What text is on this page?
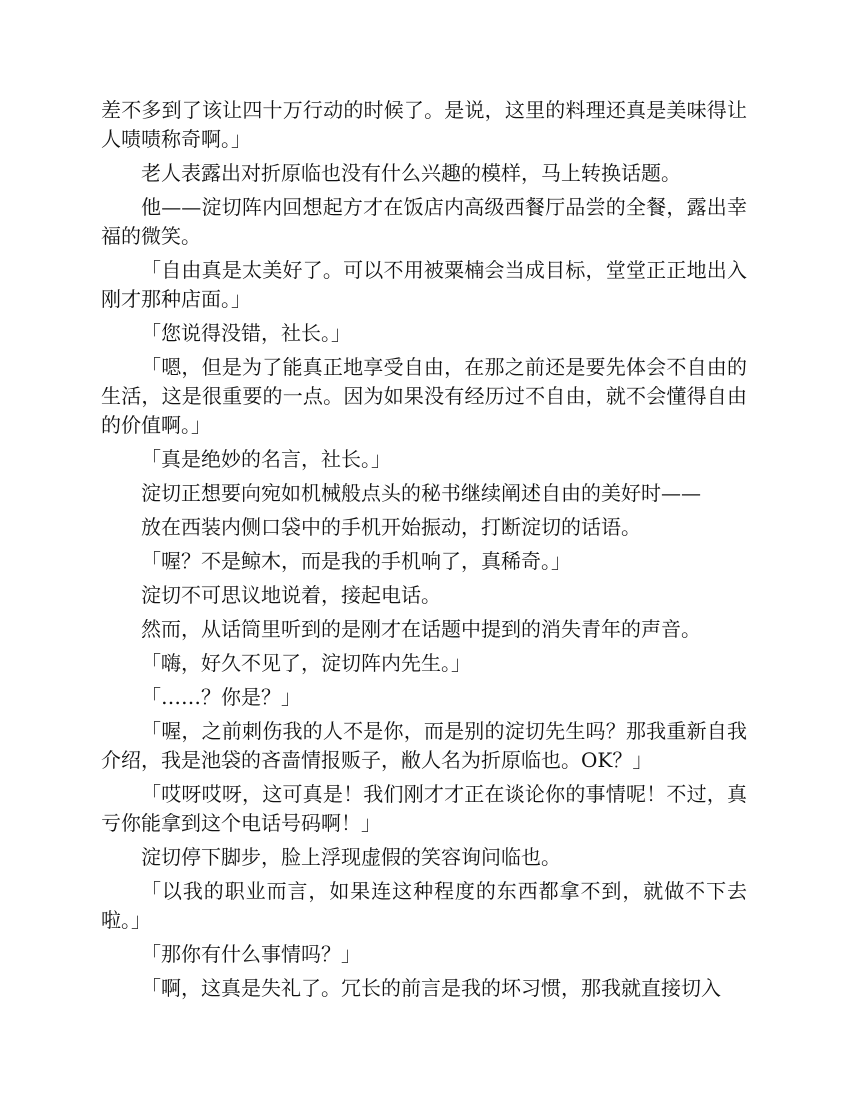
差不多到了该让四十万行动的时候了。是说，这里的料理还真是美味得让人啧啧称奇啊。」

老人表露出对折原临也没有什么兴趣的模样，马上转换话题。

他——淀切阵内回想起方才在饭店内高级西餐厅品尝的全餐，露出幸福的微笑。

「自由真是太美好了。可以不用被粟楠会当成目标，堂堂正正地出入刚才那种店面。」

「您说得没错，社长。」

「嗯，但是为了能真正地享受自由，在那之前还是要先体会不自由的生活，这是很重要的一点。因为如果没有经历过不自由，就不会懂得自由的价值啊。」

「真是绝妙的名言，社长。」

淀切正想要向宛如机械般点头的秘书继续阐述自由的美好时——

放在西装内侧口袋中的手机开始振动，打断淀切的话语。

「喔？不是鲸木，而是我的手机响了，真稀奇。」

淀切不可思议地说着，接起电话。

然而，从话筒里听到的是刚才在话题中提到的消失青年的声音。

「嗨，好久不见了，淀切阵内先生。」

「……？你是？」

「喔，之前刺伤我的人不是你，而是别的淀切先生吗？那我重新自我介绍，我是池袋的吝啬情报贩子，敝人名为折原临也。OK？」

「哎呀哎呀，这可真是！我们刚才才正在谈论你的事情呢！不过，真亏你能拿到这个电话号码啊！」

淀切停下脚步，脸上浮现虚假的笑容询问临也。

「以我的职业而言，如果连这种程度的东西都拿不到，就做不下去啦。」

「那你有什么事情吗？」

「啊，这真是失礼了。冗长的前言是我的坏习惯，那我就直接切入
